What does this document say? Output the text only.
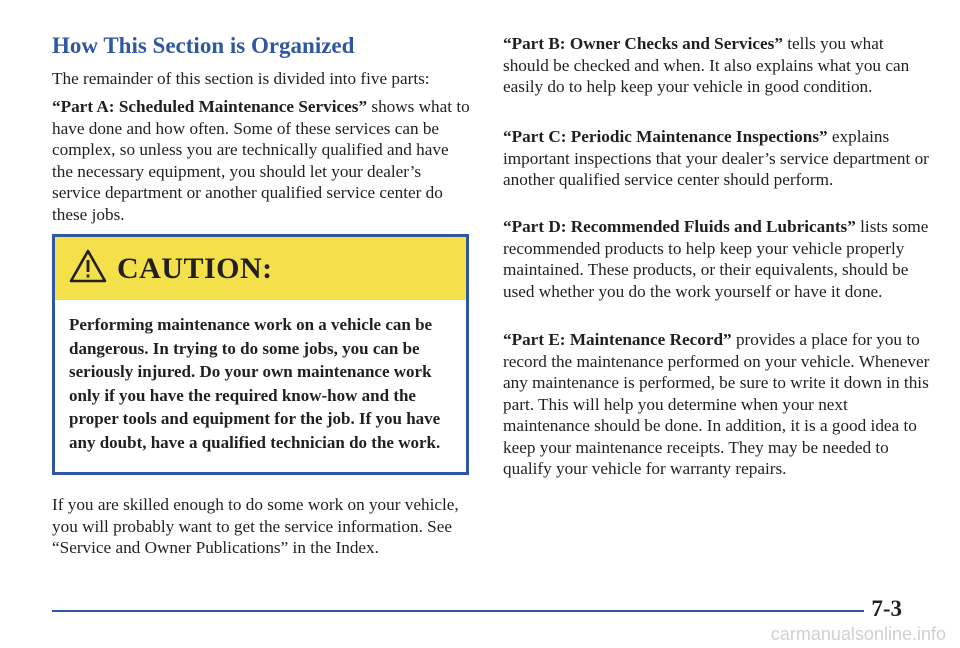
How This Section is Organized

The remainder of this section is divided into five parts:

“Part A: Scheduled Maintenance Services” shows what to have done and how often. Some of these services can be complex, so unless you are technically qualified and have the necessary equipment, you should let your dealer’s service department or another qualified service center do these jobs.

CAUTION:

Performing maintenance work on a vehicle can be dangerous. In trying to do some jobs, you can be seriously injured. Do your own maintenance work only if you have the required know-how and the proper tools and equipment for the job. If you have any doubt, have a qualified technician do the work.

If you are skilled enough to do some work on your vehicle, you will probably want to get the service information. See “Service and Owner Publications” in the Index.

“Part B: Owner Checks and Services” tells you what should be checked and when. It also explains what you can easily do to help keep your vehicle in good condition.

“Part C: Periodic Maintenance Inspections” explains important inspections that your dealer’s service department or another qualified service center should perform.

“Part D: Recommended Fluids and Lubricants” lists some recommended products to help keep your vehicle properly maintained. These products, or their equivalents, should be used whether you do the work yourself or have it done.

“Part E: Maintenance Record” provides a place for you to record the maintenance performed on your vehicle. Whenever any maintenance is performed, be sure to write it down in this part. This will help you determine when your next maintenance should be done. In addition, it is a good idea to keep your maintenance receipts. They may be needed to qualify your vehicle for warranty repairs.

7-3
carmanualsonline.info
